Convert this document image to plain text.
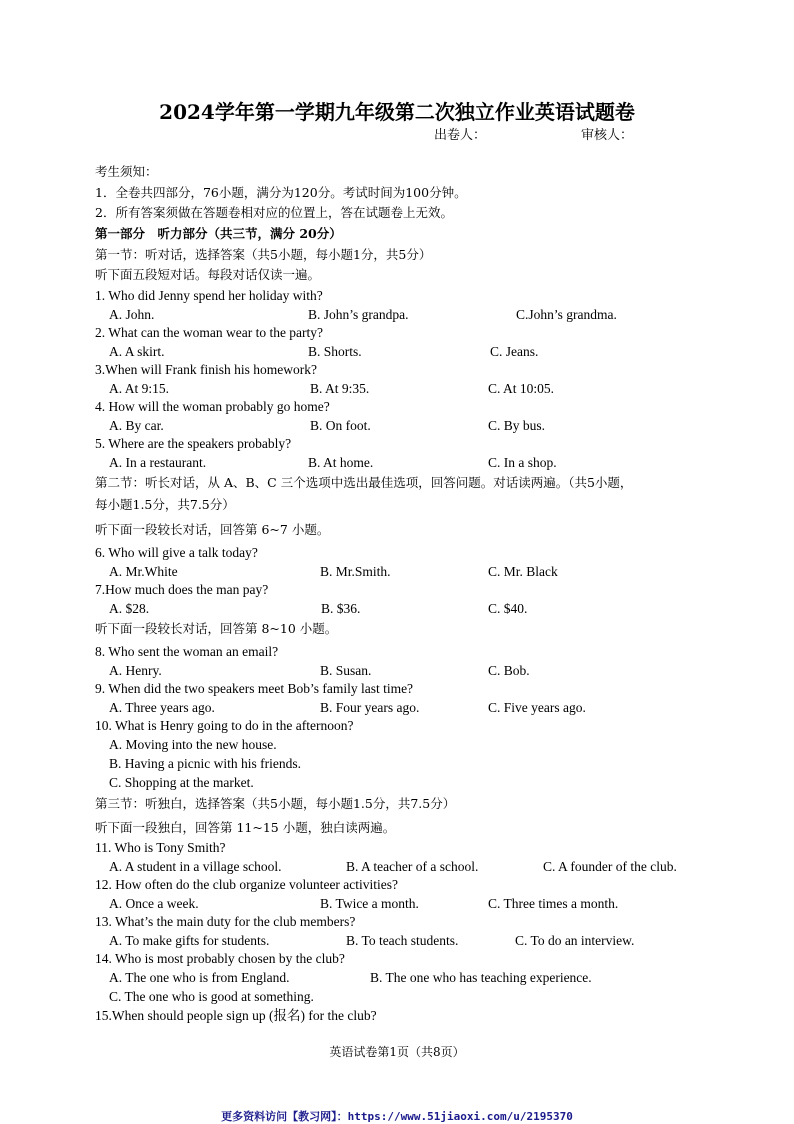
2024学年第一学期九年级第二次独立作业英语试题卷
出卷人：	审核人：
考生须知：
1．全卷共四部分，76小题，满分为120分。考试时间为100分钟。
2．所有答案须做在答题卷相对应的位置上，答在试题卷上无效。
第一部分　听力部分（共三节，满分 20分）
第一节：听对话，选择答案（共5小题，每小题1分，共5分）
听下面五段短对话。每段对话仅读一遍。
1. Who did Jenny spend her holiday with?
A. John.	B. John’s grandpa.	C.John’s grandma.
2. What can the woman wear to the party?
A. A skirt.	B. Shorts.	C. Jeans.
3.When will Frank finish his homework?
A. At 9:15.	B. At 9:35.	C. At 10:05.
4. How will the woman probably go home?
A. By car.	B. On foot.	C. By bus.
5. Where are the speakers probably?
A. In a restaurant.	B. At home.	C. In a shop.
第二节：听长对话，从 A、B、C 三个选项中选出最佳选项，回答问题。对话读两遍。（共5小题，
每小题1.5分，共7.5分）
听下面一段较长对话，回答第 6~7 小题。
6. Who will give a talk today?
A. Mr.White	B. Mr.Smith.	C. Mr. Black
7.How much does the man pay?
A. $28.	B. $36.	C. $40.
听下面一段较长对话，回答第 8~10 小题。
8. Who sent the woman an email?
A. Henry.	B. Susan.	C. Bob.
9. When did the two speakers meet Bob’s family last time?
A. Three years ago.	B. Four years ago.	C. Five years ago.
10. What is Henry going to do in the afternoon?
A. Moving into the new house.
B. Having a picnic with his friends.
C. Shopping at the market.
第三节：听独白，选择答案（共5小题，每小题1.5分，共7.5分）
听下面一段独白，回答第 11~15 小题，独白读两遍。
11. Who is Tony Smith?
A. A student in a village school.	B. A teacher of a school.	C. A founder of the club.
12. How often do the club organize volunteer activities?
A. Once a week.	B. Twice a month.	C. Three times a month.
13. What’s the main duty for the club members?
A. To make gifts for students.	B. To teach students.	C. To do an interview.
14. Who is most probably chosen by the club?
A. The one who is from England.	B. The one who has teaching experience.
C. The one who is good at something.
15.When should people sign up (报名) for the club?
英语试卷第1页（共8页）
更多资料访问【教习网】：https://www.51jiaoxi.com/u/2195370
